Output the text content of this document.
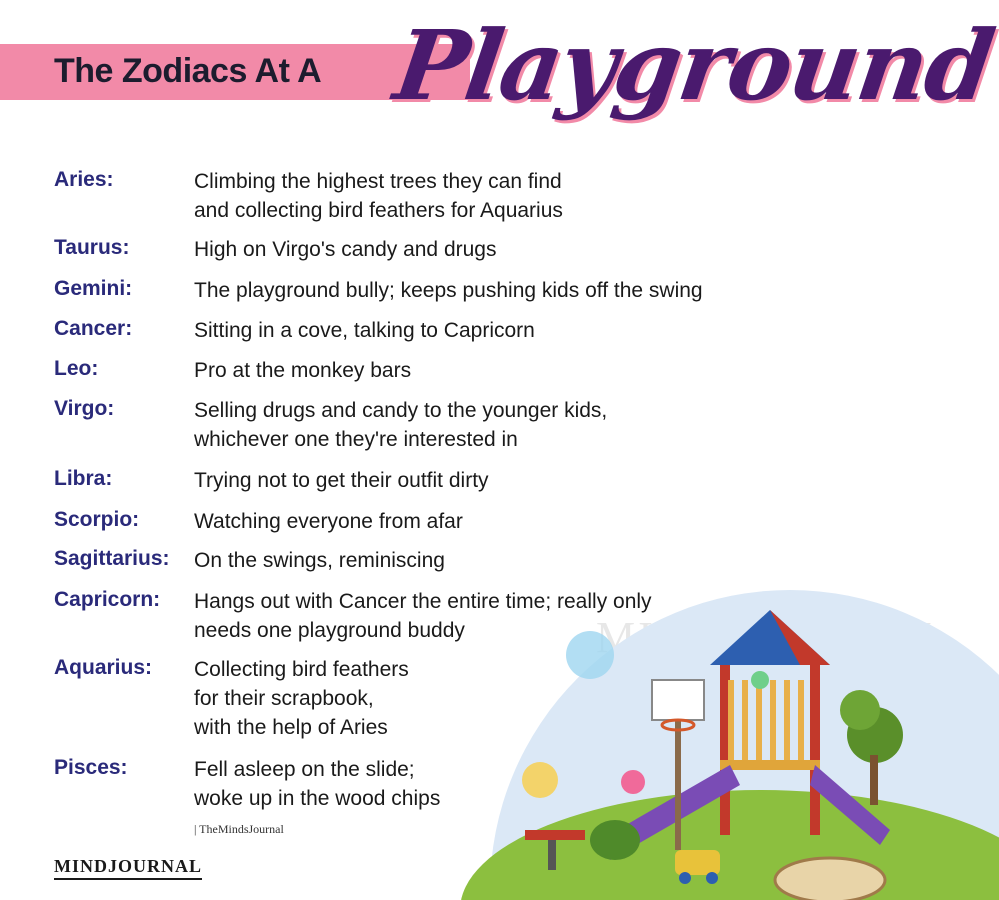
The Zodiacs At A Playground
Aries:	Climbing the highest trees they can find
and collecting bird feathers for Aquarius
Taurus:	High on Virgo's candy and drugs
Gemini:	The playground bully; keeps pushing kids off the swing
Cancer:	Sitting in a cove, talking to Capricorn
Leo:	Pro at the monkey bars
Virgo:	Selling drugs and candy to the younger kids,
whichever one they're interested in
Libra:	Trying not to get their outfit dirty
Scorpio:	Watching everyone from afar
Sagittarius:	On the swings, reminiscing
Capricorn:	Hangs out with Cancer the entire time; really only
needs one playground buddy
Aquarius:	Collecting bird feathers
for their scrapbook,
with the help of Aries
Pisces:	Fell asleep on the slide;
woke up in the wood chips
| TheMindsJournal
MINDJOURNAL
